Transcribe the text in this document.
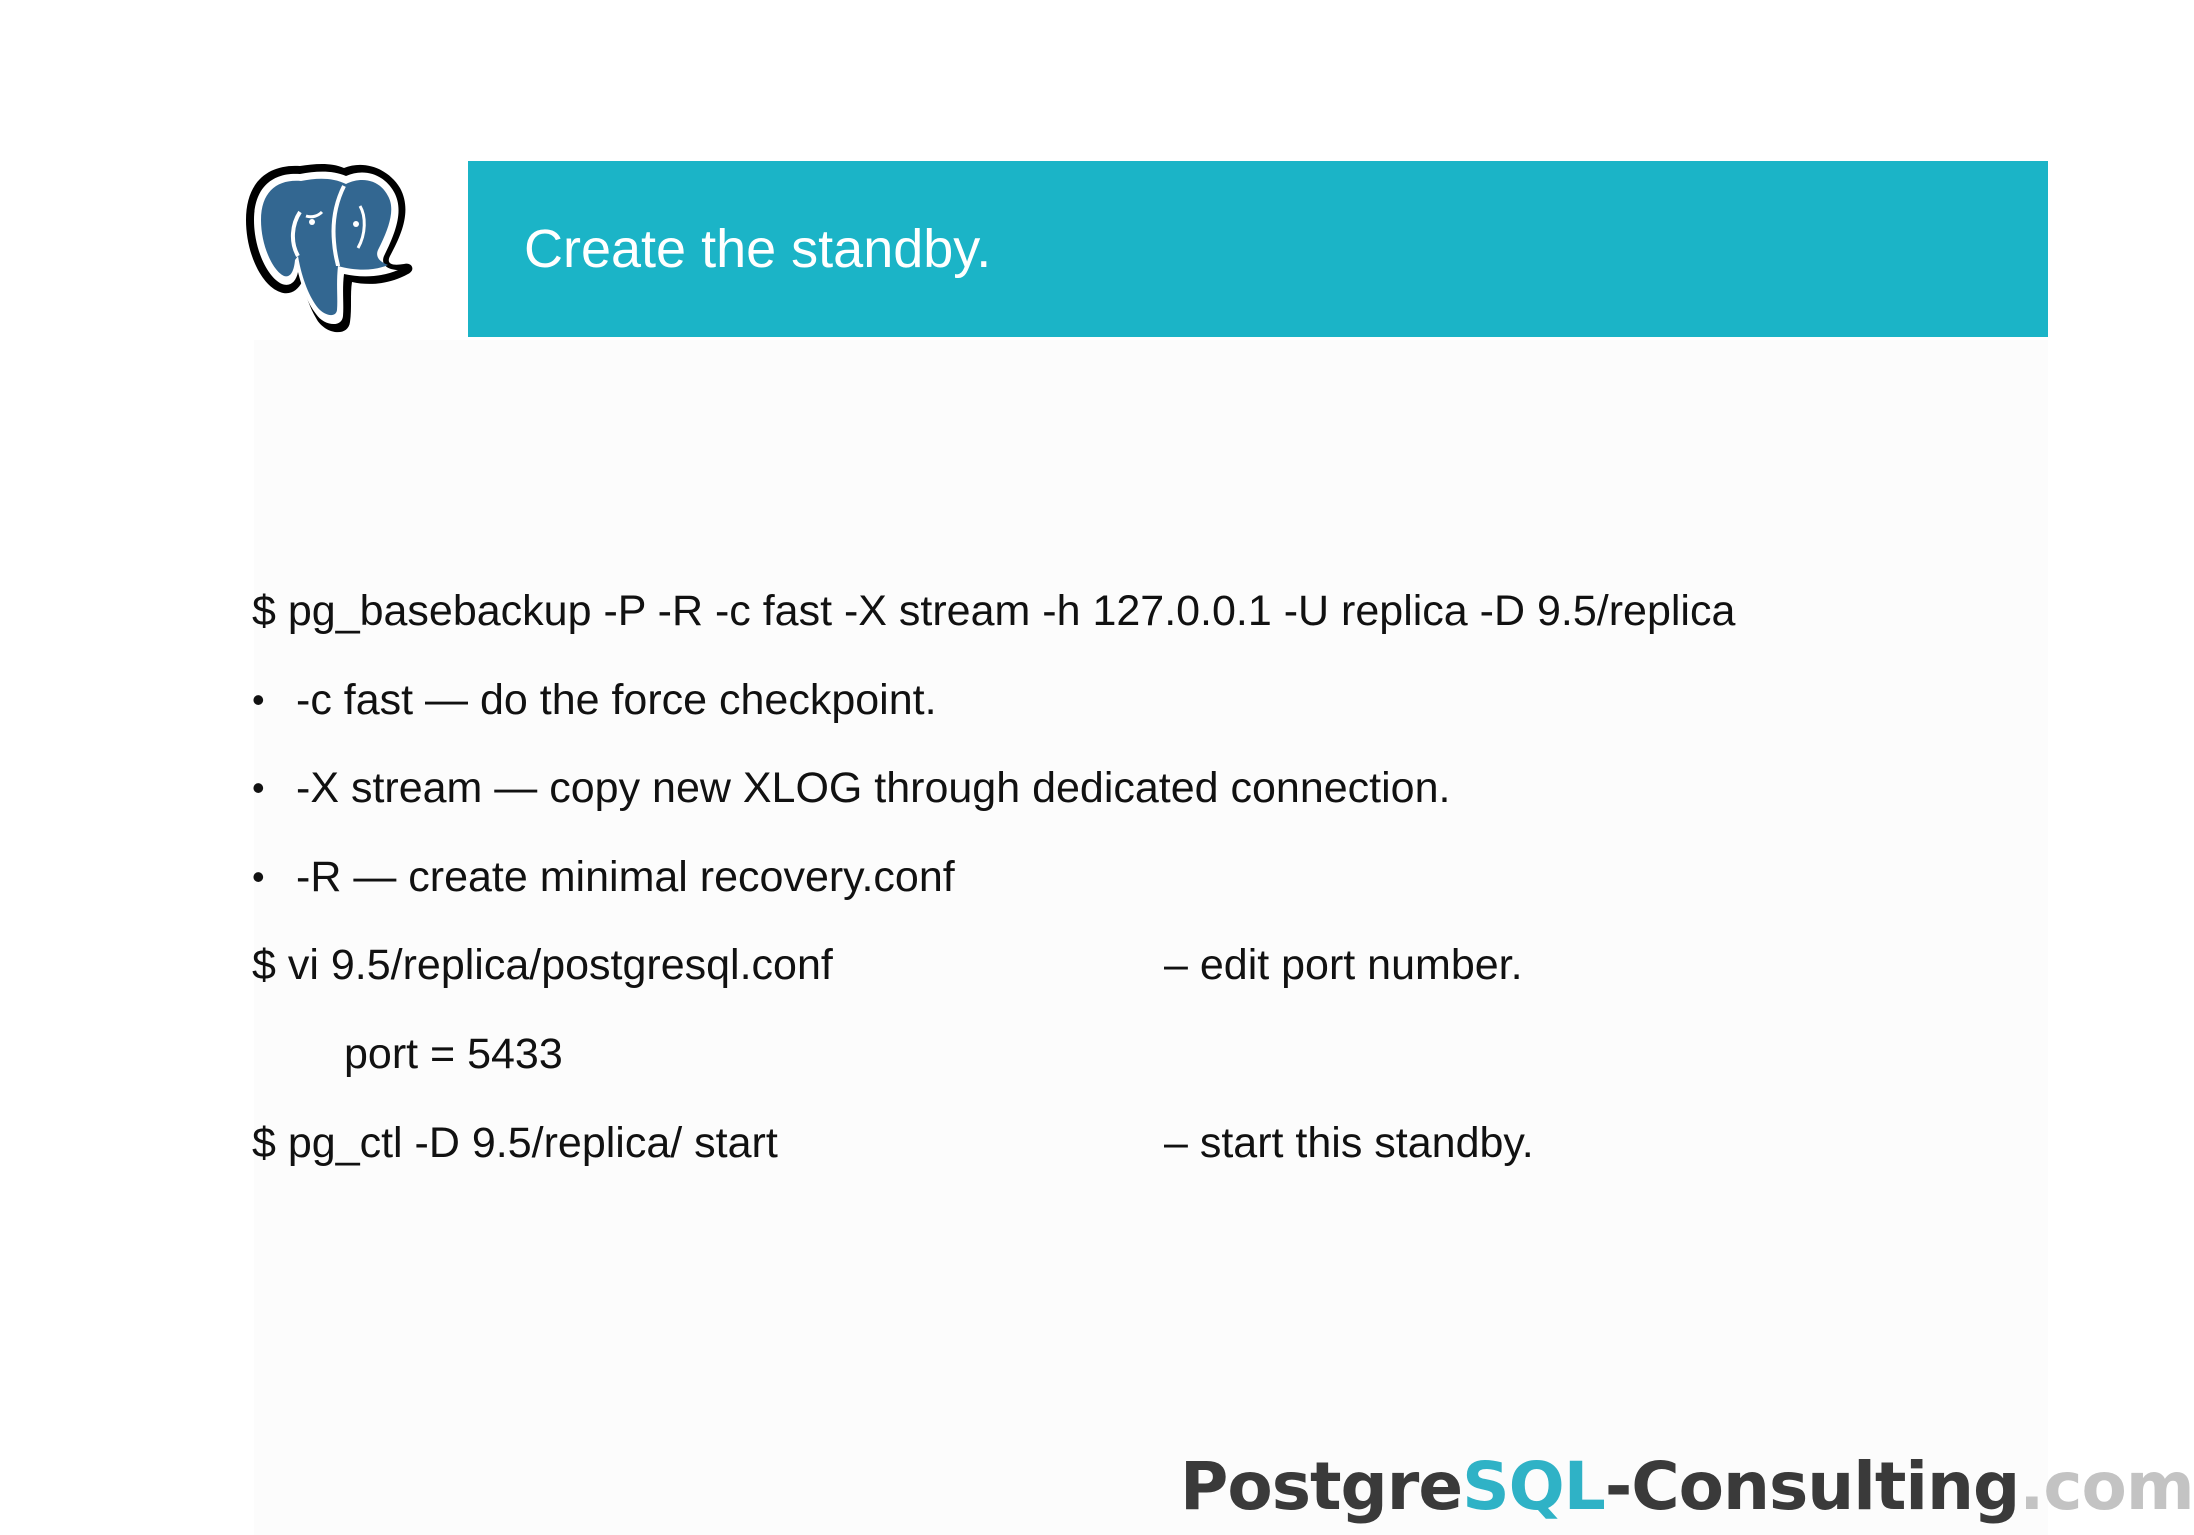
Create the standby.
$ pg_basebackup -P -R -c fast -X stream -h 127.0.0.1 -U replica -D 9.5/replica
• -c fast — do the force checkpoint.
• -X stream — copy new XLOG through dedicated connection.
• -R — create minimal recovery.conf
$ vi 9.5/replica/postgresql.conf	– edit port number.
port = 5433
$ pg_ctl -D 9.5/replica/ start	– start this standby.
PostgreSQL-Consulting.com
